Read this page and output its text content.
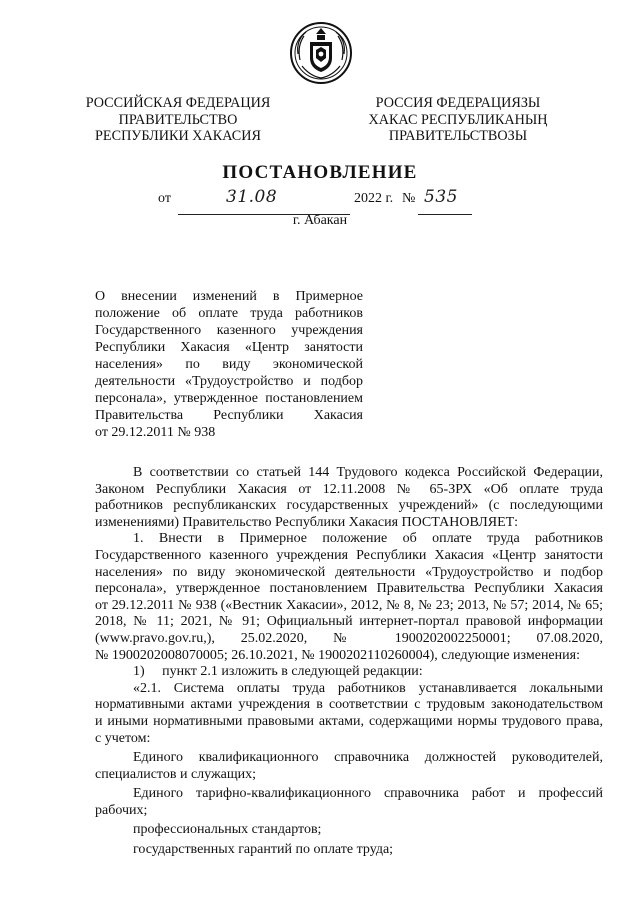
РОССИЙСКАЯ ФЕДЕРАЦИЯ
ПРАВИТЕЛЬСТВО
РЕСПУБЛИКИ ХАКАСИЯ
РОССИЯ ФЕДЕРАЦИЯЗЫ
ХАКАС РЕСПУБЛИКАНЫҢ
ПРАВИТЕЛЬСТВОЗЫ
ПОСТАНОВЛЕНИЕ
от	31.08	2022 г. № 535
г. Абакан
О внесении изменений в Примерное
положение об оплате труда работников
Государственного казенного учреждения
Республики Хакасия «Центр занятости
населения» по виду экономической
деятельности «Трудоустройство и подбор
персонала», утвержденное постановлением
Правительства Республики Хакасия
от 29.12.2011 № 938
В соответствии со статьей 144 Трудового кодекса Российской Федерации,
Законом Республики Хакасия от 12.11.2008 № 65-ЗРХ «Об оплате труда
работников республиканских государственных учреждений» (с последующими
изменениями) Правительство Республики Хакасия ПОСТАНОВЛЯЕТ:
1. Внести в Примерное положение об оплате труда работников
Государственного казенного учреждения Республики Хакасия «Центр занятости
населения» по виду экономической деятельности «Трудоустройство и подбор
персонала», утвержденное постановлением Правительства Республики Хакасия
от 29.12.2011 № 938 («Вестник Хакасии», 2012, № 8, № 23; 2013, № 57; 2014, № 65;
2018, № 11; 2021, № 91; Официальный интернет-портал правовой информации
(www.pravo.gov.ru,), 25.02.2020, № 1900202002250001; 07.08.2020,
№ 1900202008070005; 26.10.2021, № 1900202110260004), следующие изменения:
1)     пункт 2.1 изложить в следующей редакции:
«2.1. Система оплаты труда работников устанавливается локальными
нормативными актами учреждения в соответствии с трудовым законодательством
и иными нормативными правовыми актами, содержащими нормы трудового права,
с учетом:
Единого квалификационного справочника должностей руководителей,
специалистов и служащих;
Единого тарифно-квалификационного справочника работ и профессий
рабочих;
профессиональных стандартов;
государственных гарантий по оплате труда;
